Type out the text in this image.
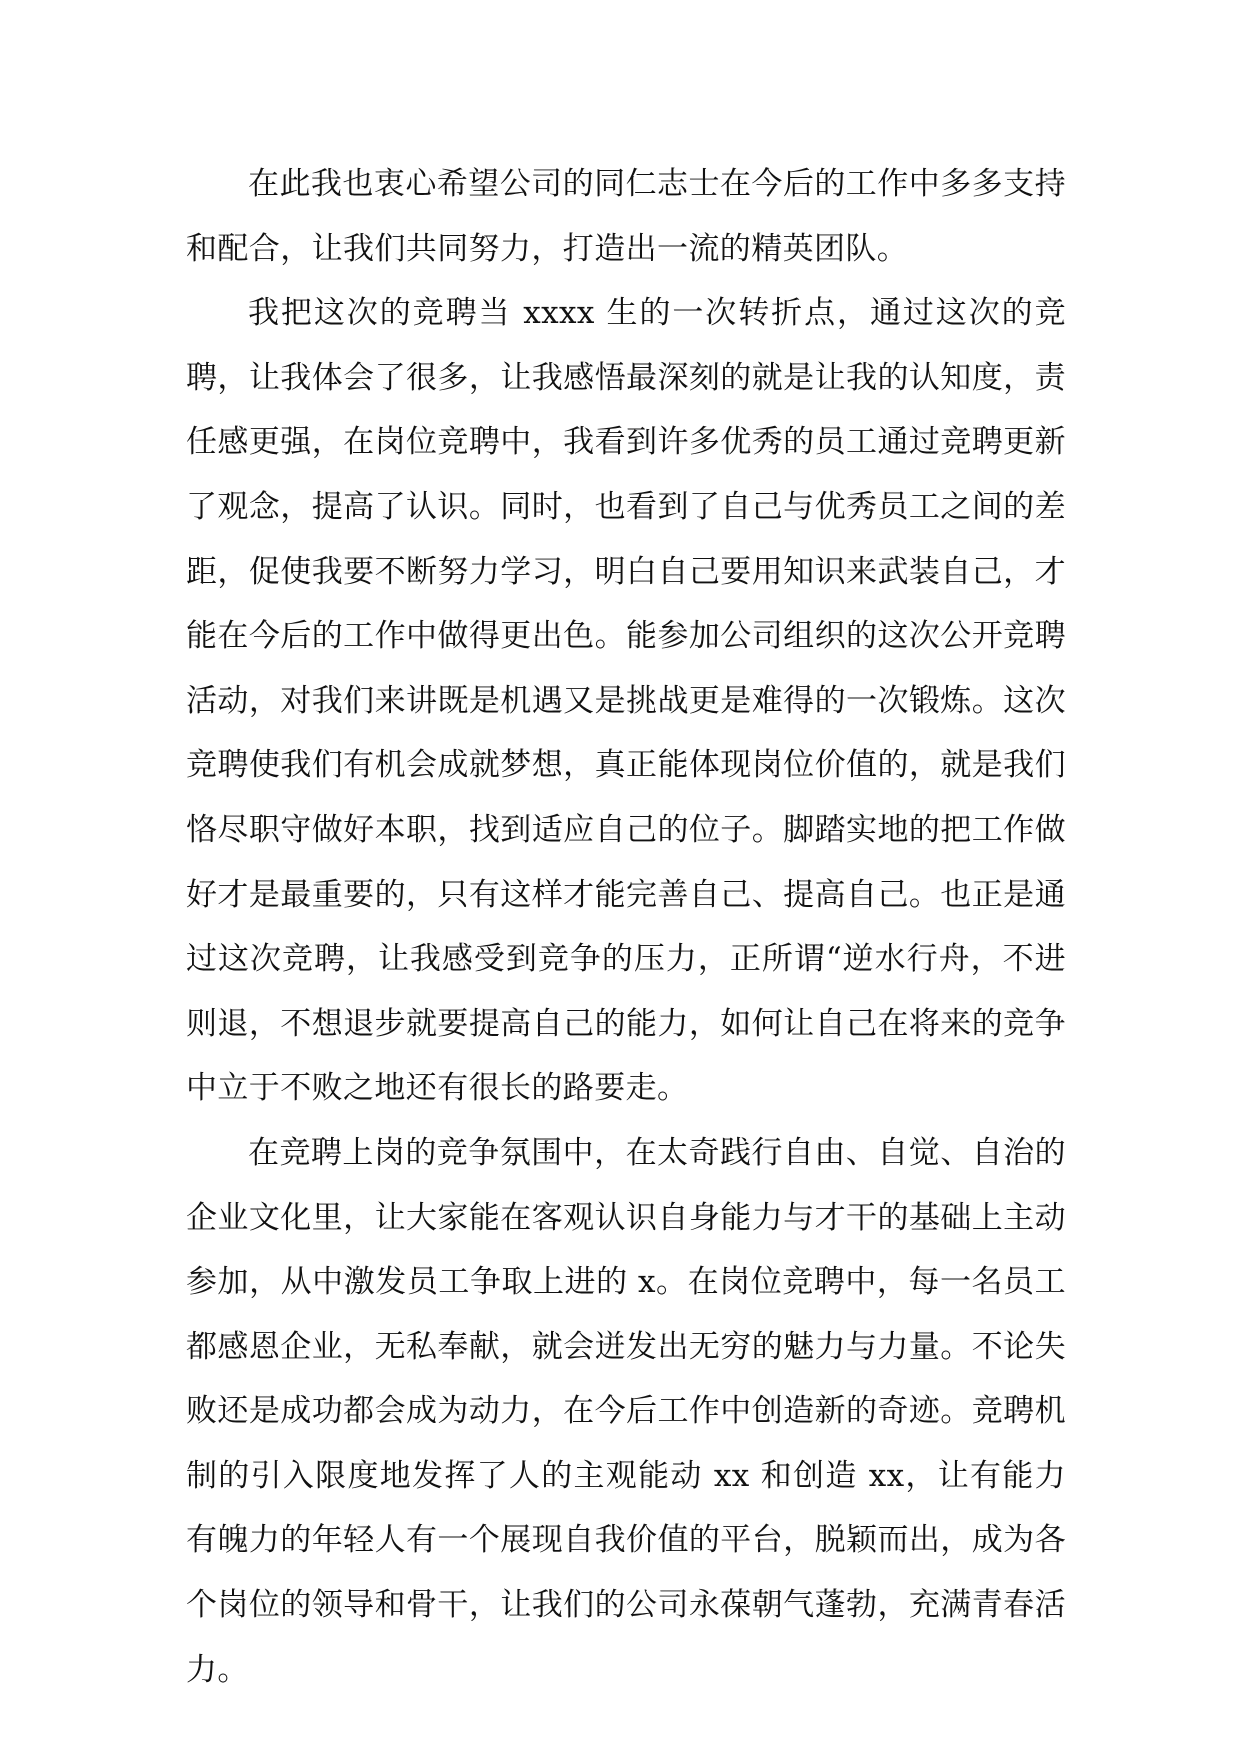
在此我也衷心希望公司的同仁志士在今后的工作中多多支持和配合，让我们共同努力，打造出一流的精英团队。

我把这次的竞聘当 xxxx 生的一次转折点，通过这次的竞聘，让我体会了很多，让我感悟最深刻的就是让我的认知度，责任感更强，在岗位竞聘中，我看到许多优秀的员工通过竞聘更新了观念，提高了认识。同时，也看到了自己与优秀员工之间的差距，促使我要不断努力学习，明白自己要用知识来武装自己，才能在今后的工作中做得更出色。能参加公司组织的这次公开竞聘活动，对我们来讲既是机遇又是挑战更是难得的一次锻炼。这次竞聘使我们有机会成就梦想，真正能体现岗位价值的，就是我们恪尽职守做好本职，找到适应自己的位子。脚踏实地的把工作做好才是最重要的，只有这样才能完善自己、提高自己。也正是通过这次竞聘，让我感受到竞争的压力，正所谓“逆水行舟，不进则退，不想退步就要提高自己的能力，如何让自己在将来的竞争中立于不败之地还有很长的路要走。

在竞聘上岗的竞争氛围中，在太奇践行自由、自觉、自治的企业文化里，让大家能在客观认识自身能力与才干的基础上主动参加，从中激发员工争取上进的 x。在岗位竞聘中，每一名员工都感恩企业，无私奉献，就会迸发出无穷的魅力与力量。不论失败还是成功都会成为动力，在今后工作中创造新的奇迹。竞聘机制的引入限度地发挥了人的主观能动 xx 和创造 xx，让有能力有魄力的年轻人有一个展现自我价值的平台，脱颖而出，成为各个岗位的领导和骨干，让我们的公司永葆朝气蓬勃，充满青春活力。
